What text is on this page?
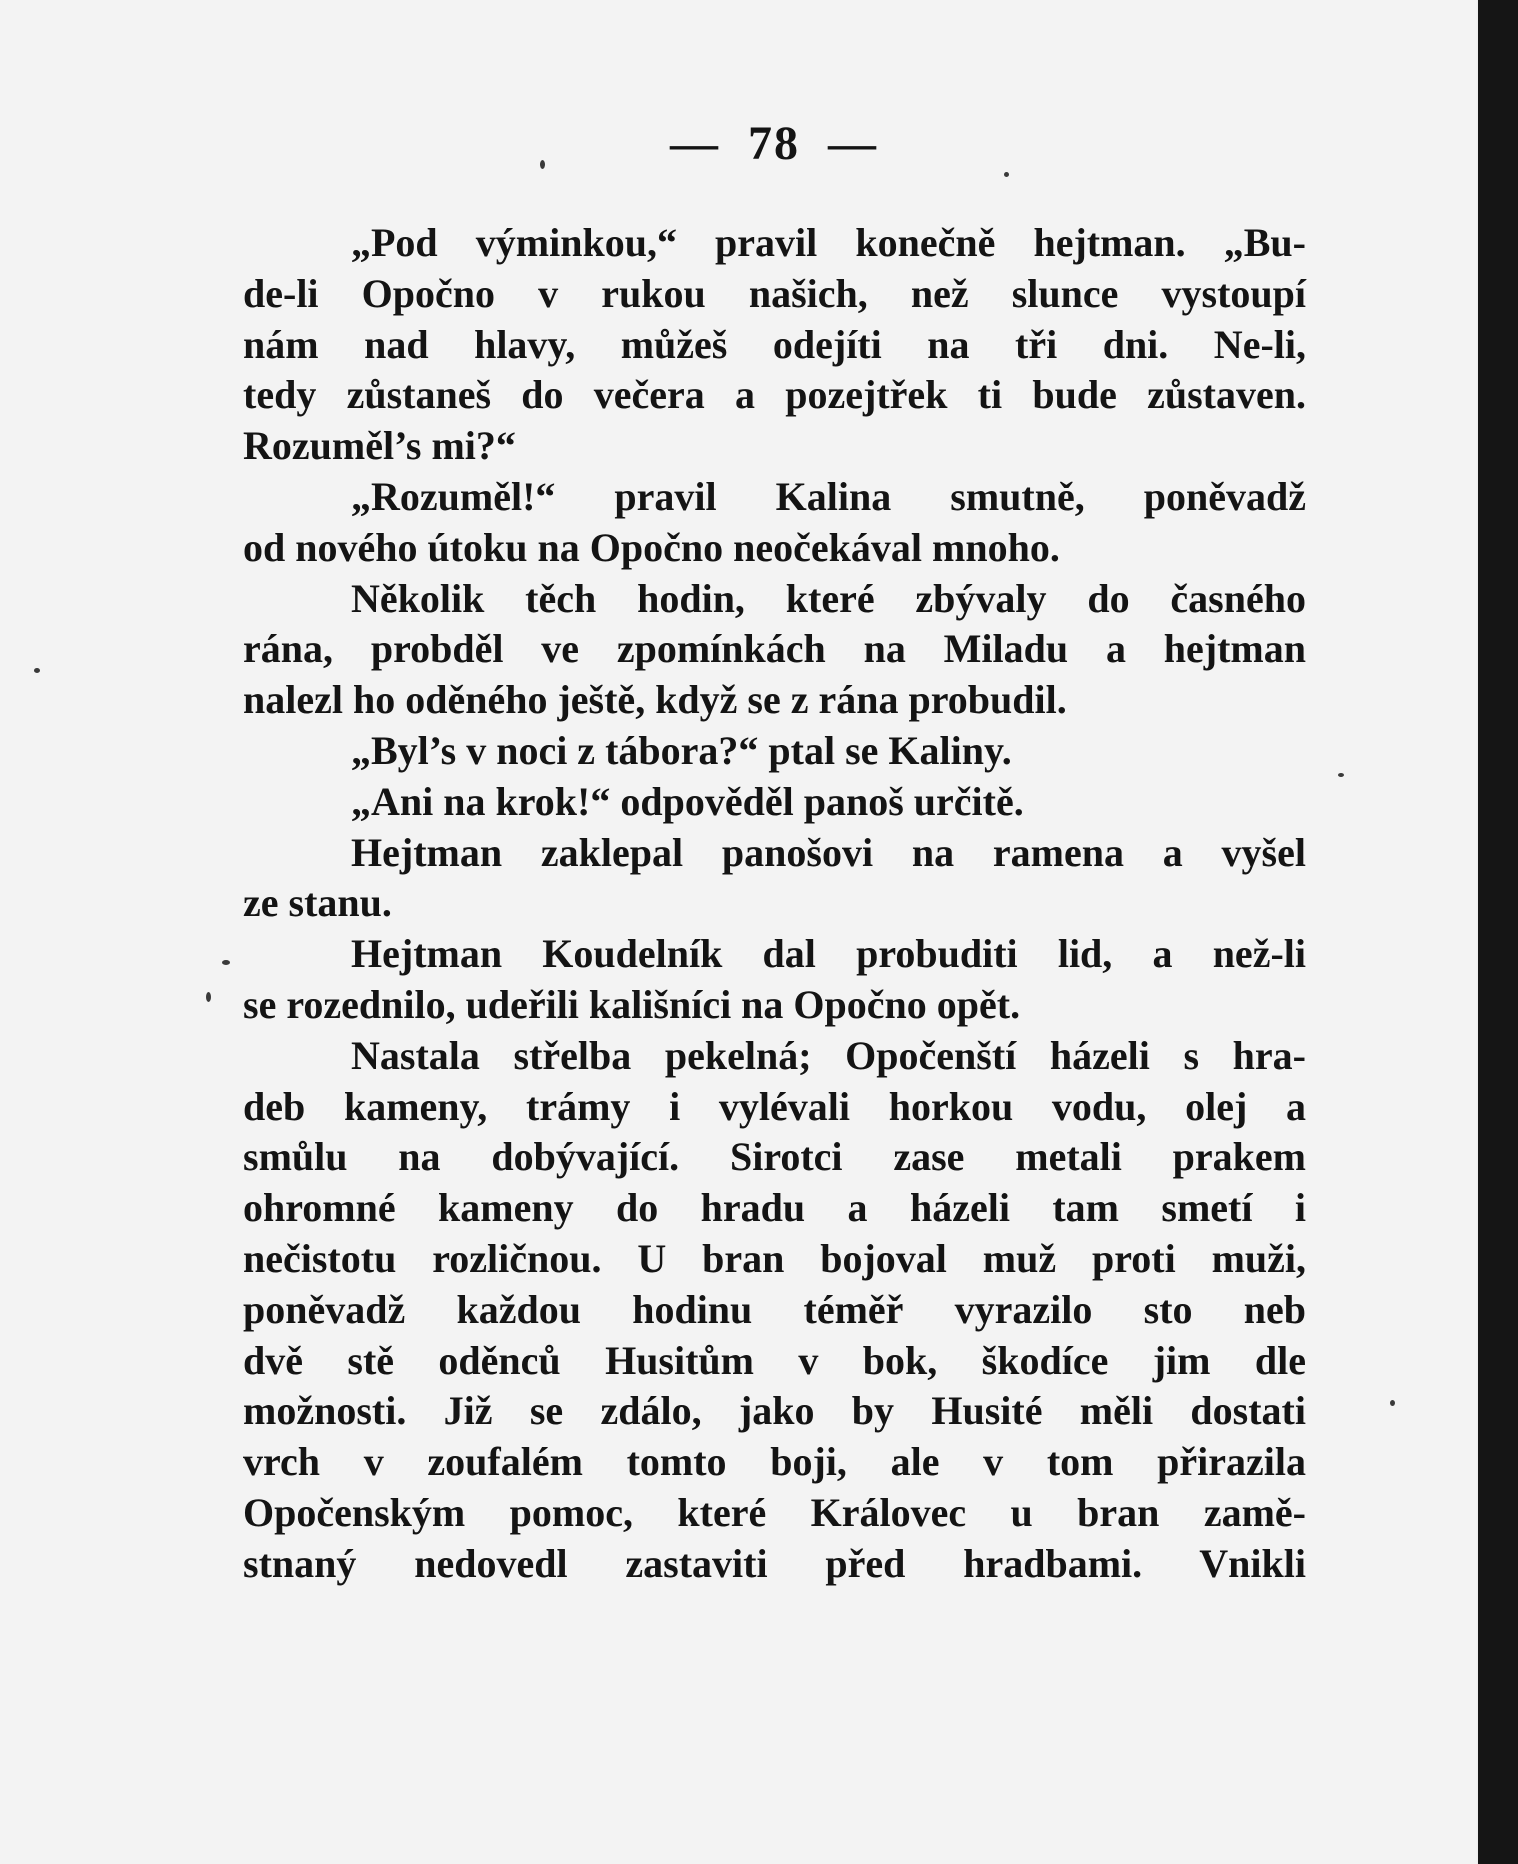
—  78  —
„Pod výminkou,“ pravil konečně hejtman. „Bu-
de-li Opočno v rukou našich, než slunce vystoupí
nám nad hlavy, můžeš odejíti na tři dni. Ne-li,
tedy zůstaneš do večera a pozejtřek ti bude zůstaven.
Rozuměl’s mi?“
„Rozuměl!“ pravil Kalina smutně, poněvadž
od nového útoku na Opočno neočekával mnoho.
Několik těch hodin, které zbývaly do časného
rána, probděl ve zpomínkách na Miladu a hejtman
nalezl ho oděného ještě, když se z rána probudil.
„Byl’s v noci z tábora?“ ptal se Kaliny.
„Ani na krok!“ odpověděl panoš určitě.
Hejtman zaklepal panošovi na ramena a vyšel
ze stanu.
Hejtman Koudelník dal probuditi lid, a než-li
se rozednilo, udeřili kališníci na Opočno opět.
Nastala střelba pekelná; Opočenští házeli s hra-
deb kameny, trámy i vylévali horkou vodu, olej a
smůlu na dobývající. Sirotci zase metali prakem
ohromné kameny do hradu a házeli tam smetí i
nečistotu rozličnou. U bran bojoval muž proti muži,
poněvadž každou hodinu téměř vyrazilo sto neb
dvě stě oděnců Husitům v bok, škodíce jim dle
možnosti. Již se zdálo, jako by Husité měli dostati
vrch v zoufalém tomto boji, ale v tom přirazila
Opočenským pomoc, které Královec u bran zamě-
stnaný nedovedl zastaviti před hradbami. Vnikli
